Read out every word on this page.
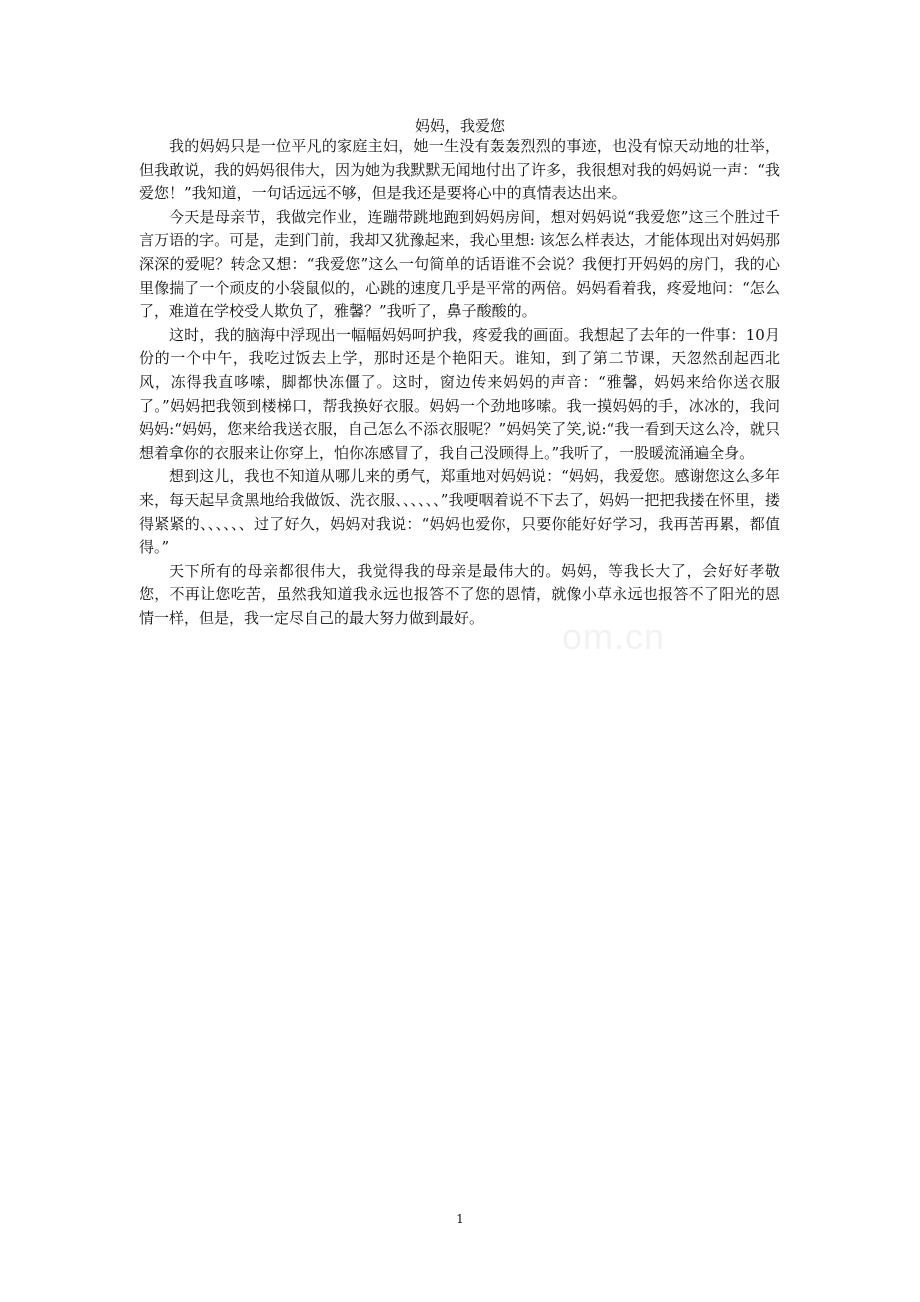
妈妈，我爱您

我的妈妈只是一位平凡的家庭主妇，她一生没有轰轰烈烈的事迹，也没有惊天动地的壮举，但我敢说，我的妈妈很伟大，因为她为我默默无闻地付出了许多，我很想对我的妈妈说一声：“我爱您！”我知道，一句话远远不够，但是我还是要将心中的真情表达出来。

今天是母亲节，我做完作业，连蹦带跳地跑到妈妈房间，想对妈妈说“我爱您”这三个胜过千言万语的字。可是，走到门前，我却又犹豫起来，我心里想: 该怎么样表达，才能体现出对妈妈那深深的爱呢？转念又想：“我爱您”这么一句简单的话语谁不会说？我便打开妈妈的房门，我的心里像揣了一个顽皮的小袋鼠似的，心跳的速度几乎是平常的两倍。妈妈看着我，疼爱地问：“怎么了，难道在学校受人欺负了，雅馨？”我听了，鼻子酸酸的。

这时，我的脑海中浮现出一幅幅妈妈呵护我，疼爱我的画面。我想起了去年的一件事：10月份的一个中午，我吃过饭去上学，那时还是个艳阳天。谁知，到了第二节课，天忽然刮起西北风，冻得我直哆嗦，脚都快冻僵了。这时，窗边传来妈妈的声音：“雅馨，妈妈来给你送衣服了。”妈妈把我领到楼梯口，帮我换好衣服。妈妈一个劲地哆嗦。我一摸妈妈的手，冰冰的，我问妈妈:“妈妈，您来给我送衣服，自己怎么不添衣服呢？”妈妈笑了笑,说:“我一看到天这么冷，就只想着拿你的衣服来让你穿上，怕你冻感冒了，我自己没顾得上。”我听了，一股暖流涌遍全身。

想到这儿，我也不知道从哪儿来的勇气，郑重地对妈妈说：“妈妈，我爱您。感谢您这么多年来，每天起早贪黑地给我做饭、洗衣服、、、、、、”我哽咽着说不下去了，妈妈一把把我搂在怀里，搂得紧紧的、、、、、、过了好久，妈妈对我说：“妈妈也爱你，只要你能好好学习，我再苦再累，都值得。”

天下所有的母亲都很伟大，我觉得我的母亲是最伟大的。妈妈，等我长大了，会好好孝敬您，不再让您吃苦，虽然我知道我永远也报答不了您的恩情，就像小草永远也报答不了阳光的恩情一样，但是，我一定尽自己的最大努力做到最好。	om.cn
1
